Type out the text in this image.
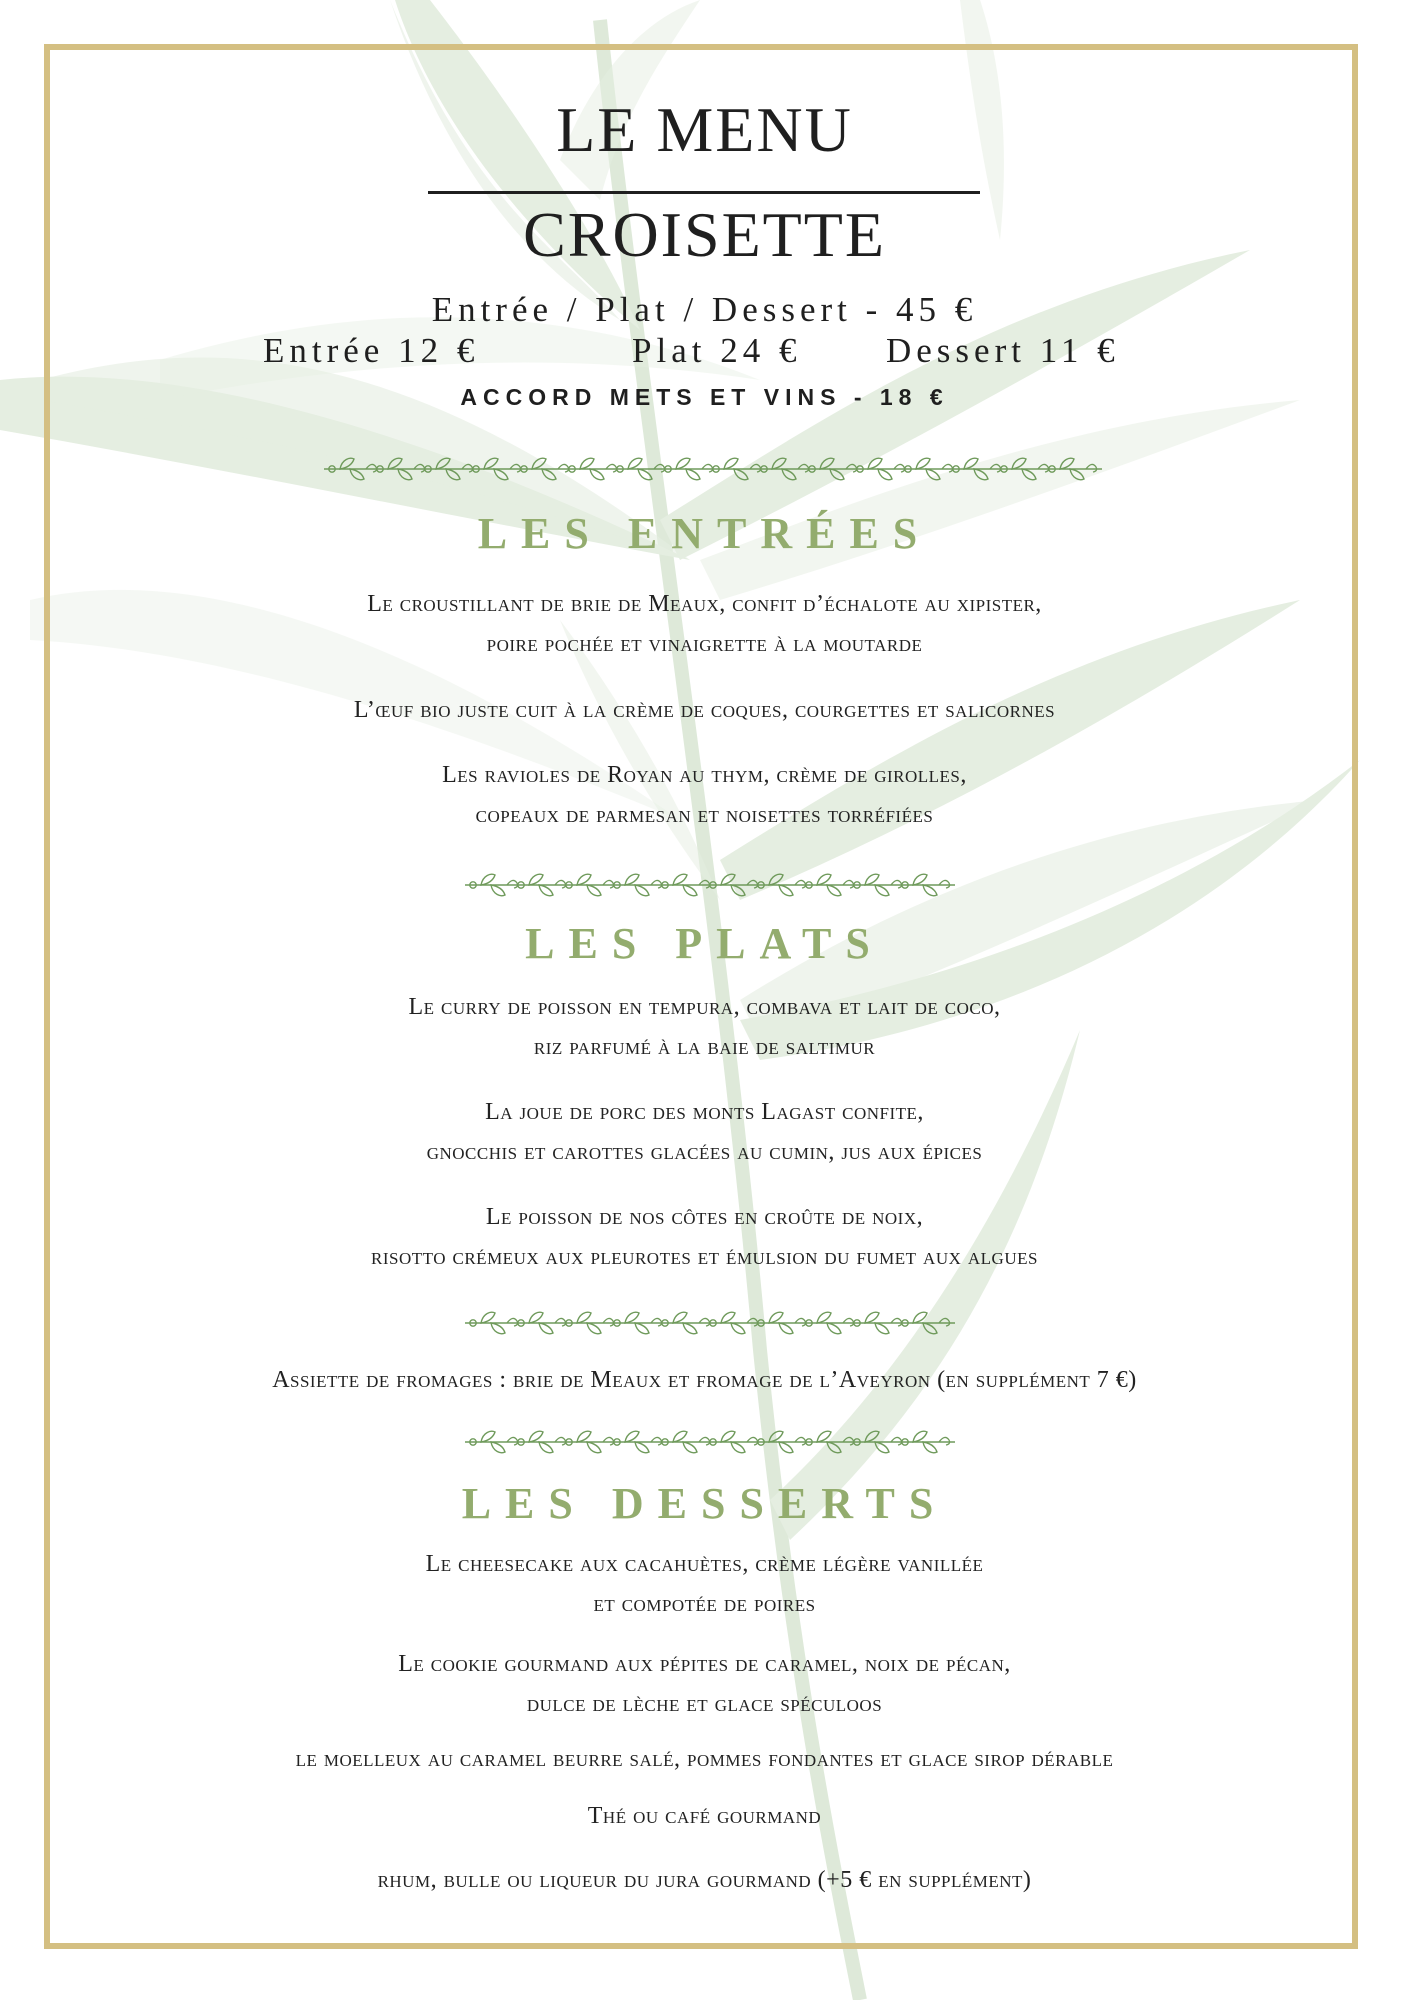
LE MENU
CROISETTE
Entrée / Plat / Dessert - 45 €
Entrée 12 €	Plat 24 € Dessert 11 €
ACCORD METS ET VINS - 18 €
LES ENTRÉES
Le croustillant de brie de Meaux, confit d’échalote au xipister,
poire pochée et vinaigrette à la moutarde
L’œuf bio juste cuit à la crème de coques, courgettes et salicornes
Les ravioles de Royan au thym, crème de girolles,
copeaux de parmesan et noisettes torréfiées
LES PLATS
Le curry de poisson en tempura, combava et lait de coco,
riz parfumé à la baie de saltimur
La joue de porc des monts Lagast confite,
gnocchis et carottes glacées au cumin, jus aux épices
Le poisson de nos côtes en croûte de noix,
risotto crémeux aux pleurotes et émulsion du fumet aux algues
Assiette de fromages : brie de Meaux et fromage de l’Aveyron (en supplément 7 €)
LES DESSERTS
Le cheesecake aux cacahuètes, crème légère vanillée
et compotée de poires
Le cookie gourmand aux pépites de caramel, noix de pécan,
dulce de lèche et glace spéculoos
le moelleux au caramel beurre salé, pommes fondantes et glace sirop dérable
Thé ou café gourmand
rhum, bulle ou liqueur du jura gourmand (+5 € en supplément)
